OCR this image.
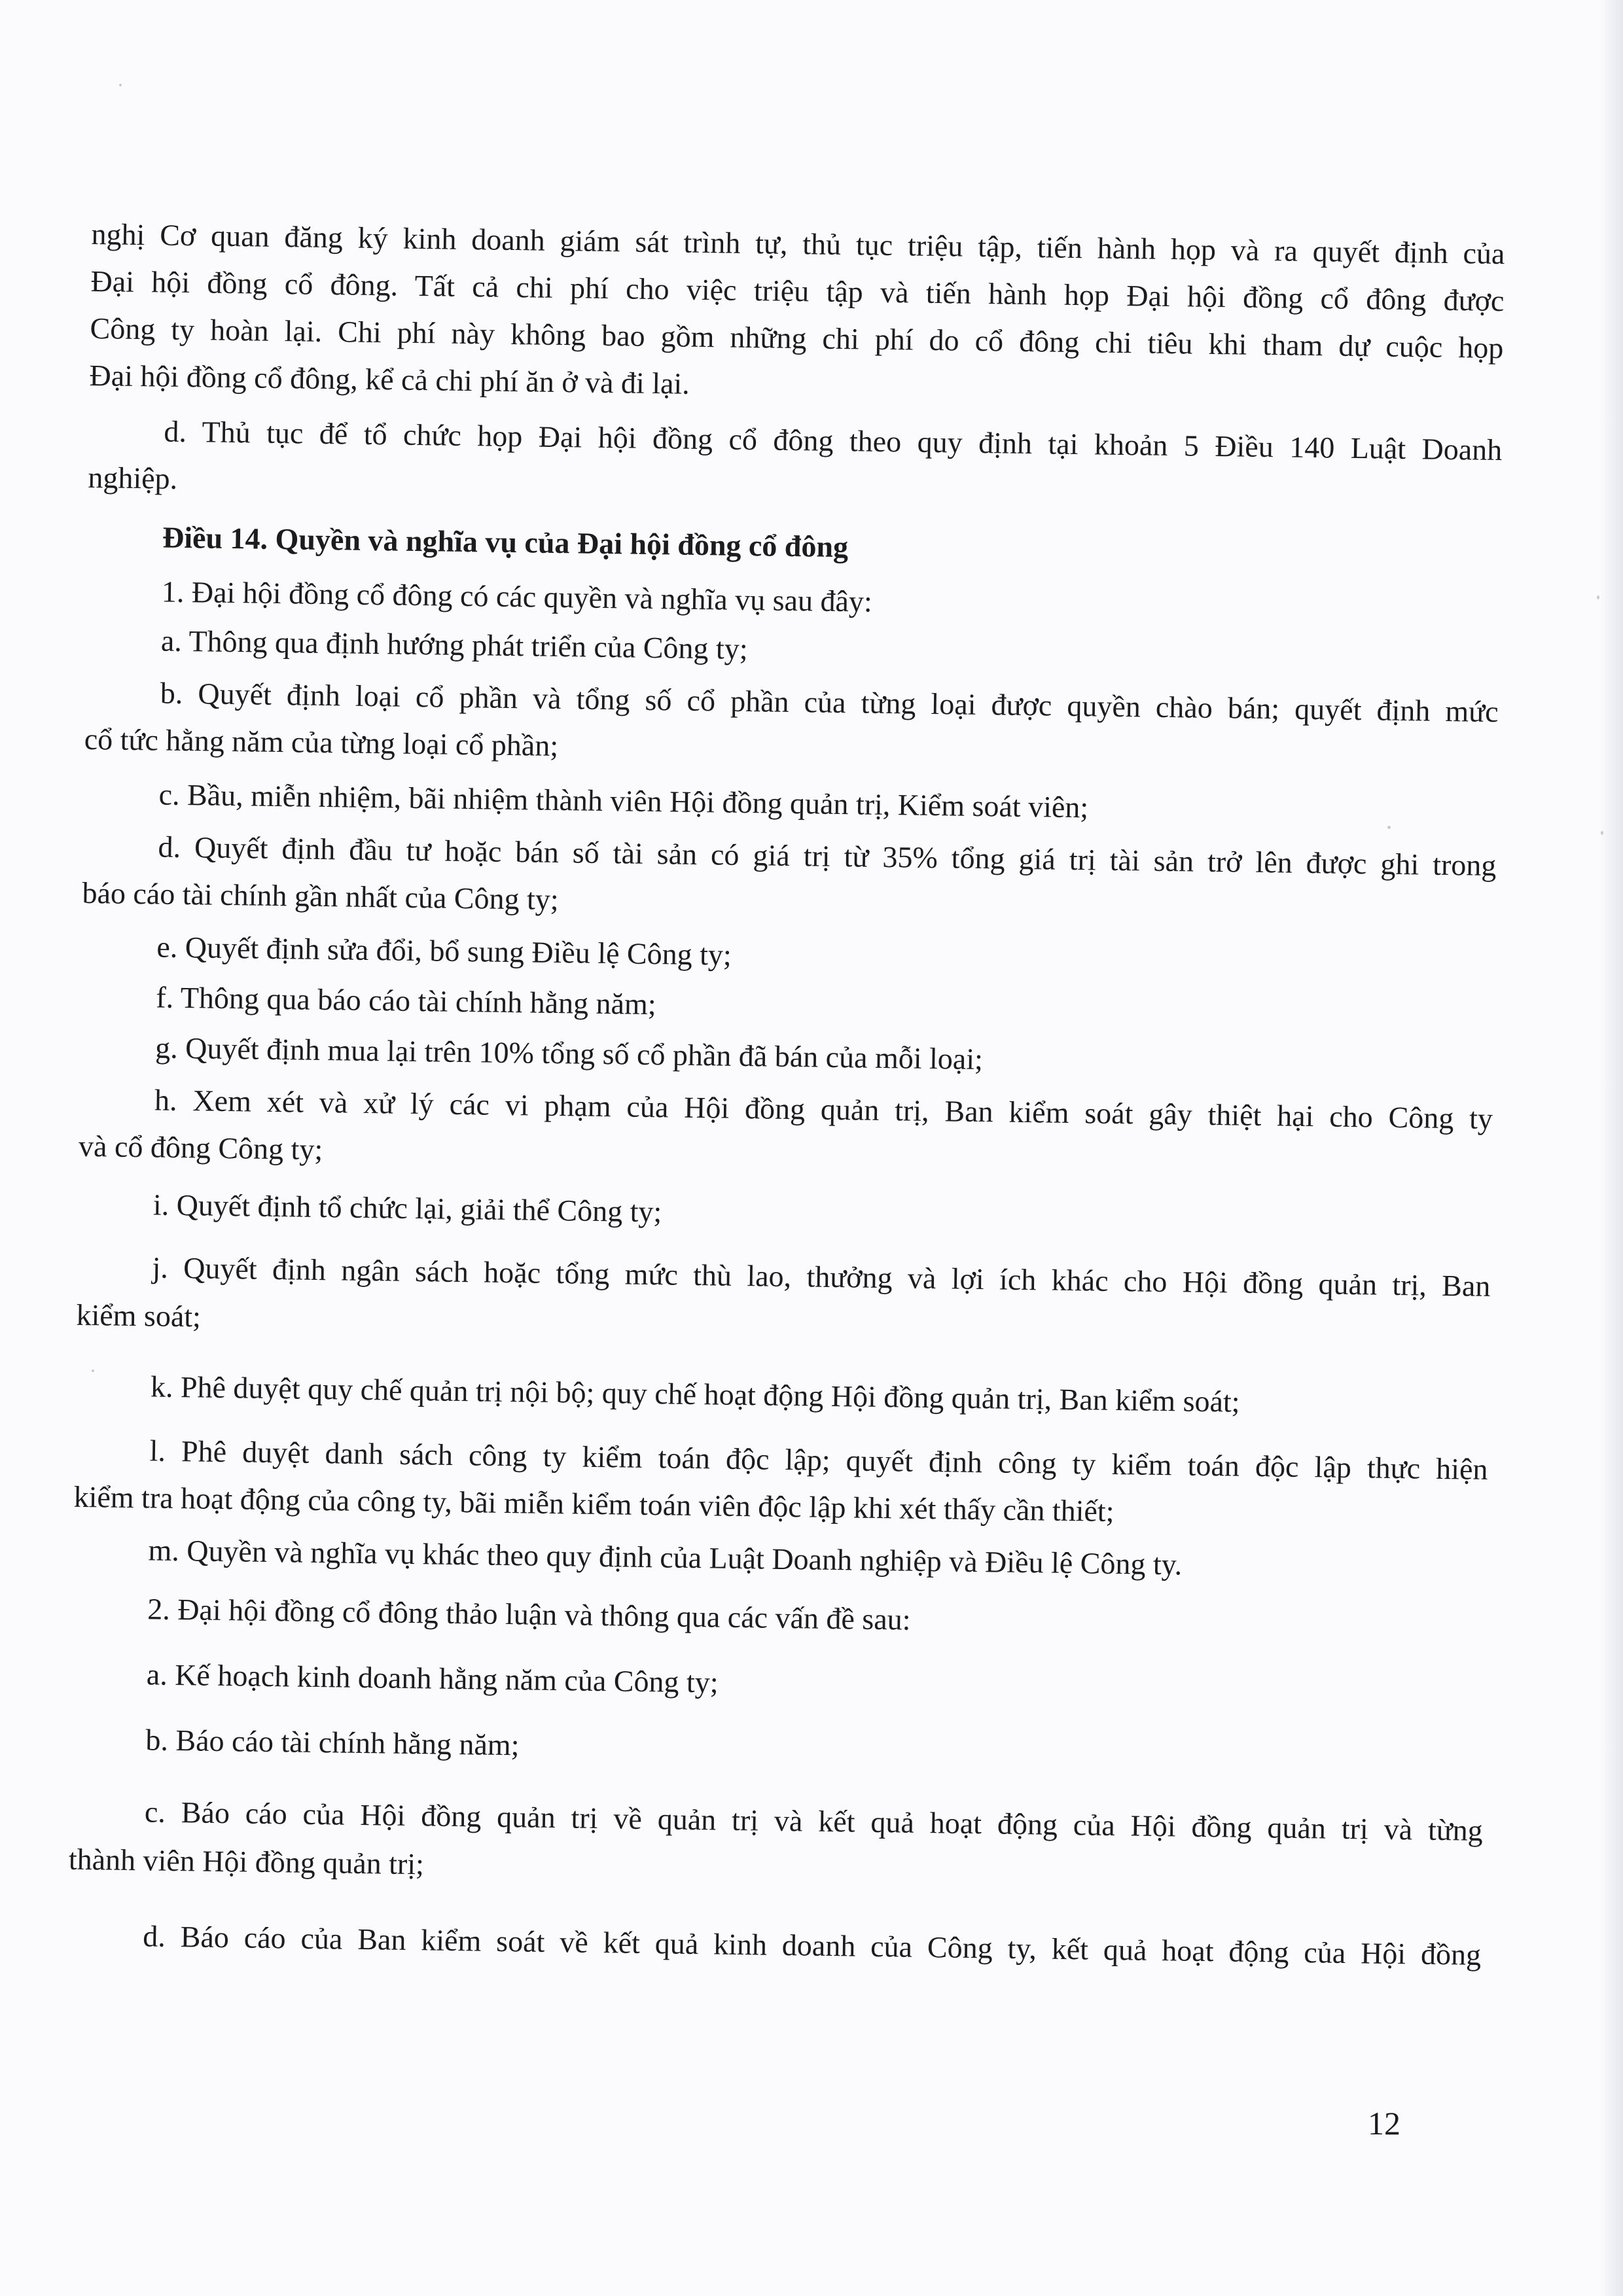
nghị Cơ quan đăng ký kinh doanh giám sát trình tự, thủ tục triệu tập, tiến hành họp và ra quyết định của
Đại hội đồng cổ đông. Tất cả chi phí cho việc triệu tập và tiến hành họp Đại hội đồng cổ đông được
Công ty hoàn lại. Chi phí này không bao gồm những chi phí do cổ đông chi tiêu khi tham dự cuộc họp
Đại hội đồng cổ đông, kể cả chi phí ăn ở và đi lại.
d. Thủ tục để tổ chức họp Đại hội đồng cổ đông theo quy định tại khoản 5 Điều 140 Luật Doanh
nghiệp.
Điều 14. Quyền và nghĩa vụ của Đại hội đồng cổ đông
1. Đại hội đồng cổ đông có các quyền và nghĩa vụ sau đây:
a. Thông qua định hướng phát triển của Công ty;
b. Quyết định loại cổ phần và tổng số cổ phần của từng loại được quyền chào bán; quyết định mức
cổ tức hằng năm của từng loại cổ phần;
c. Bầu, miễn nhiệm, bãi nhiệm thành viên Hội đồng quản trị, Kiểm soát viên;
d. Quyết định đầu tư hoặc bán số tài sản có giá trị từ 35% tổng giá trị tài sản trở lên được ghi trong
báo cáo tài chính gần nhất của Công ty;
e. Quyết định sửa đổi, bổ sung Điều lệ Công ty;
f. Thông qua báo cáo tài chính hằng năm;
g. Quyết định mua lại trên 10% tổng số cổ phần đã bán của mỗi loại;
h. Xem xét và xử lý các vi phạm của Hội đồng quản trị, Ban kiểm soát gây thiệt hại cho Công ty
và cổ đông Công ty;
i. Quyết định tổ chức lại, giải thể Công ty;
j. Quyết định ngân sách hoặc tổng mức thù lao, thưởng và lợi ích khác cho Hội đồng quản trị, Ban
kiểm soát;
k. Phê duyệt quy chế quản trị nội bộ; quy chế hoạt động Hội đồng quản trị, Ban kiểm soát;
l. Phê duyệt danh sách công ty kiểm toán độc lập; quyết định công ty kiểm toán độc lập thực hiện
kiểm tra hoạt động của công ty, bãi miễn kiểm toán viên độc lập khi xét thấy cần thiết;
m. Quyền và nghĩa vụ khác theo quy định của Luật Doanh nghiệp và Điều lệ Công ty.
2. Đại hội đồng cổ đông thảo luận và thông qua các vấn đề sau:
a. Kế hoạch kinh doanh hằng năm của Công ty;
b. Báo cáo tài chính hằng năm;
c. Báo cáo của Hội đồng quản trị về quản trị và kết quả hoạt động của Hội đồng quản trị và từng
thành viên Hội đồng quản trị;
d. Báo cáo của Ban kiểm soát về kết quả kinh doanh của Công ty, kết quả hoạt động của Hội đồng
12
